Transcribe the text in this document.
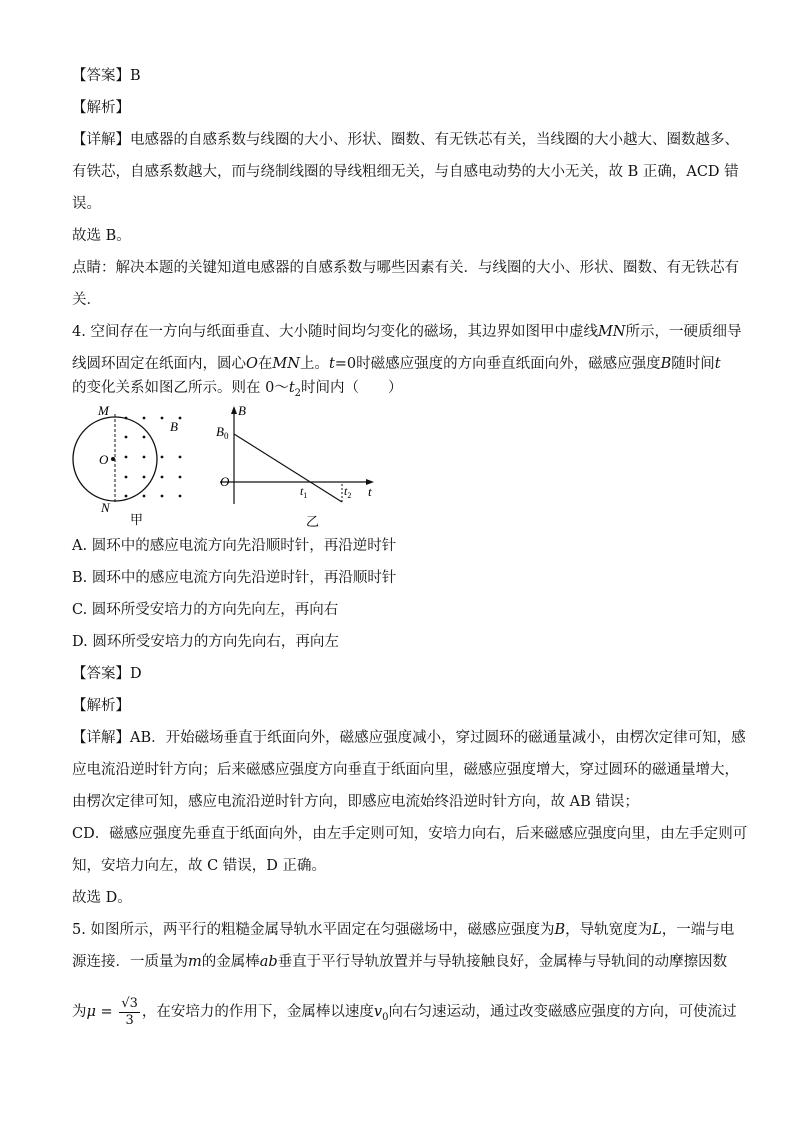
【答案】B
【解析】
【详解】电感器的自感系数与线圈的大小、形状、圈数、有无铁芯有关，当线圈的大小越大、圈数越多、
有铁芯，自感系数越大，而与绕制线圈的导线粗细无关，与自感电动势的大小无关，故 B 正确，ACD 错
误。
故选 B。
点睛：解决本题的关键知道电感器的自感系数与哪些因素有关．与线圈的大小、形状、圈数、有无铁芯有
关．
4. 空间存在一方向与纸面垂直、大小随时间均匀变化的磁场，其边界如图甲中虚线MN所示，一硬质细导
线圆环固定在纸面内，圆心O在MN上。t=0时磁感应强度的方向垂直纸面向外，磁感应强度B随时间t
的变化关系如图乙所示。则在 $0\sim t_2$时间内（　　）
M
N
O
B
甲
B
$B_0$
O
$t_1$	$t_2$ t
乙
A. 圆环中的感应电流方向先沿顺时针，再沿逆时针
B. 圆环中的感应电流方向先沿逆时针，再沿顺时针
C. 圆环所受安培力的方向先向左，再向右
D. 圆环所受安培力的方向先向右，再向左
【答案】D
【解析】
【详解】AB．开始磁场垂直于纸面向外，磁感应强度减小，穿过圆环的磁通量减小，由楞次定律可知，感
应电流沿逆时针方向；后来磁感应强度方向垂直于纸面向里，磁感应强度增大，穿过圆环的磁通量增大，
由楞次定律可知，感应电流沿逆时针方向，即感应电流始终沿逆时针方向，故 AB 错误；
CD．磁感应强度先垂直于纸面向外，由左手定则可知，安培力向右，后来磁感应强度向里，由左手定则可
知，安培力向左，故 C 错误，D 正确。
故选 D。
5. 如图所示，两平行的粗糙金属导轨水平固定在匀强磁场中，磁感应强度为B，导轨宽度为L，一端与电
源连接．一质量为m的金属棒ab垂直于平行导轨放置并与导轨接触良好，金属棒与导轨间的动摩擦因数
为$\mu = \frac{√3}{3}$ ，在安培力的作用下，金属棒以速度$v_0$向右匀速运动，通过改变磁感应强度的方向，可使流过
